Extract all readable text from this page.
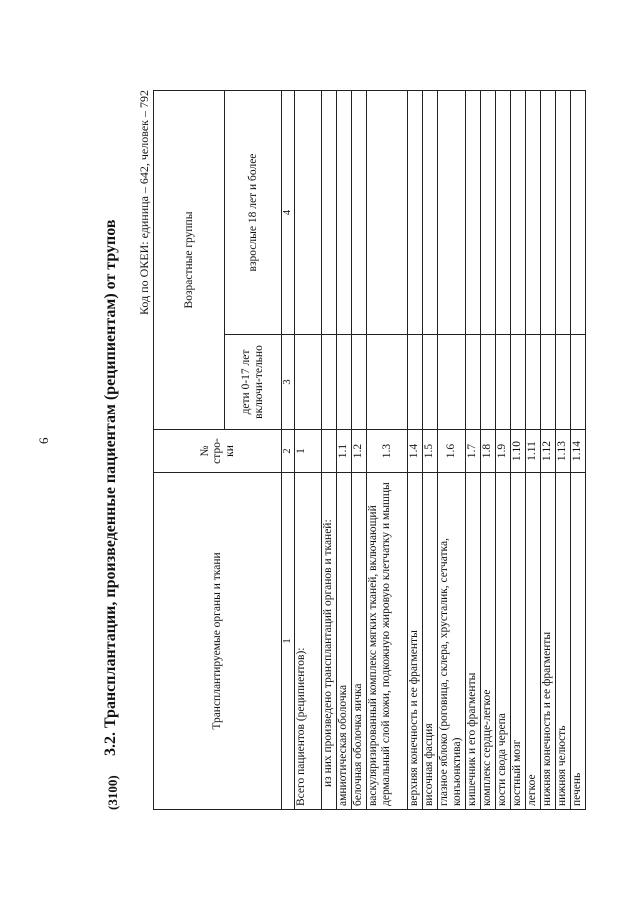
6
(3100)
3.2. Трансплантации, произведенные пациентам (реципиентам) от трупов
Код по ОКЕИ: единица – 642, человек – 792
Трансплантируемые органы и ткани	№ стро-ки	Возрастные группы	
		дети 0-17 лет включи-тельно	взрослые 18 лет и более
1	2	3	4
Всего пациентов (реципиентов):	1		
из них произведено трансплантаций органов и тканей:			
амниотическая оболочка	1.1		
белочная оболочка яичка	1.2		
васкуляризированный комплекс мягких тканей, включающий дермальный слой кожи, подкожную жировую клетчатку и мышцы	1.3		
верхняя конечность и ее фрагменты	1.4		
височная фасция	1.5		
глазное яблоко (роговица, склера, хрусталик, сетчатка, конъюнктива)	1.6		
кишечник и его фрагменты	1.7		
комплекс сердце-легкое	1.8		
кости свода черепа	1.9		
костный мозг	1.10		
легкое	1.11		
нижняя конечность и ее фрагменты	1.12		
нижняя челюсть	1.13		
печень	1.14		
